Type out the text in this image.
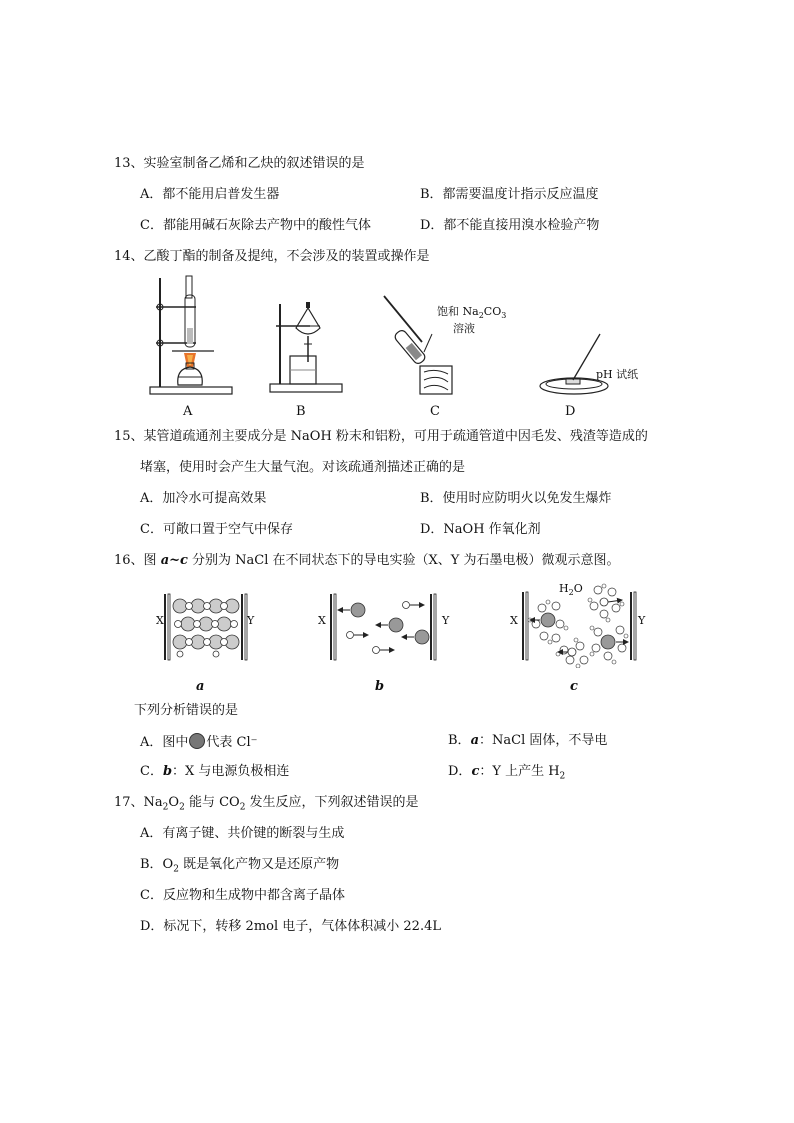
13、实验室制备乙烯和乙炔的叙述错误的是
A．都不能用启普发生器	B．都需要温度计指示反应温度
C．都能用碱石灰除去产物中的酸性气体	D．都不能直接用溴水检验产物
14、乙酸丁酯的制备及提纯，不会涉及的装置或操作是
A	B
饱和 $Na_2CO_3$
溶液
C
pH 试纸
D
15、某管道疏通剂主要成分是 NaOH 粉末和铝粉，可用于疏通管道中因毛发、残渣等造成的
堵塞，使用时会产生大量气泡。对该疏通剂描述正确的是
A．加冷水可提高效果	B．使用时应防明火以免发生爆炸
C．可敞口置于空气中保存	D．NaOH 作氧化剂
16、图 a~c 分别为 NaCl 在不同状态下的导电实验（X、Y 为石墨电极）微观示意图。
X	Y
a
X	Y
b
$H_2O$
X	Y
c
下列分析错误的是
A．图中 代表 Cl⁻	B．a：NaCl 固体，不导电
C．b：X 与电源负极相连	D．c：Y 上产生 $H_2$
17、$Na_2O_2$ 能与 $CO_2$ 发生反应，下列叙述错误的是
A．有离子键、共价键的断裂与生成
B．$O_2$ 既是氧化产物又是还原产物
C．反应物和生成物中都含离子晶体
D．标况下，转移 2mol 电子，气体体积减小 22.4L
